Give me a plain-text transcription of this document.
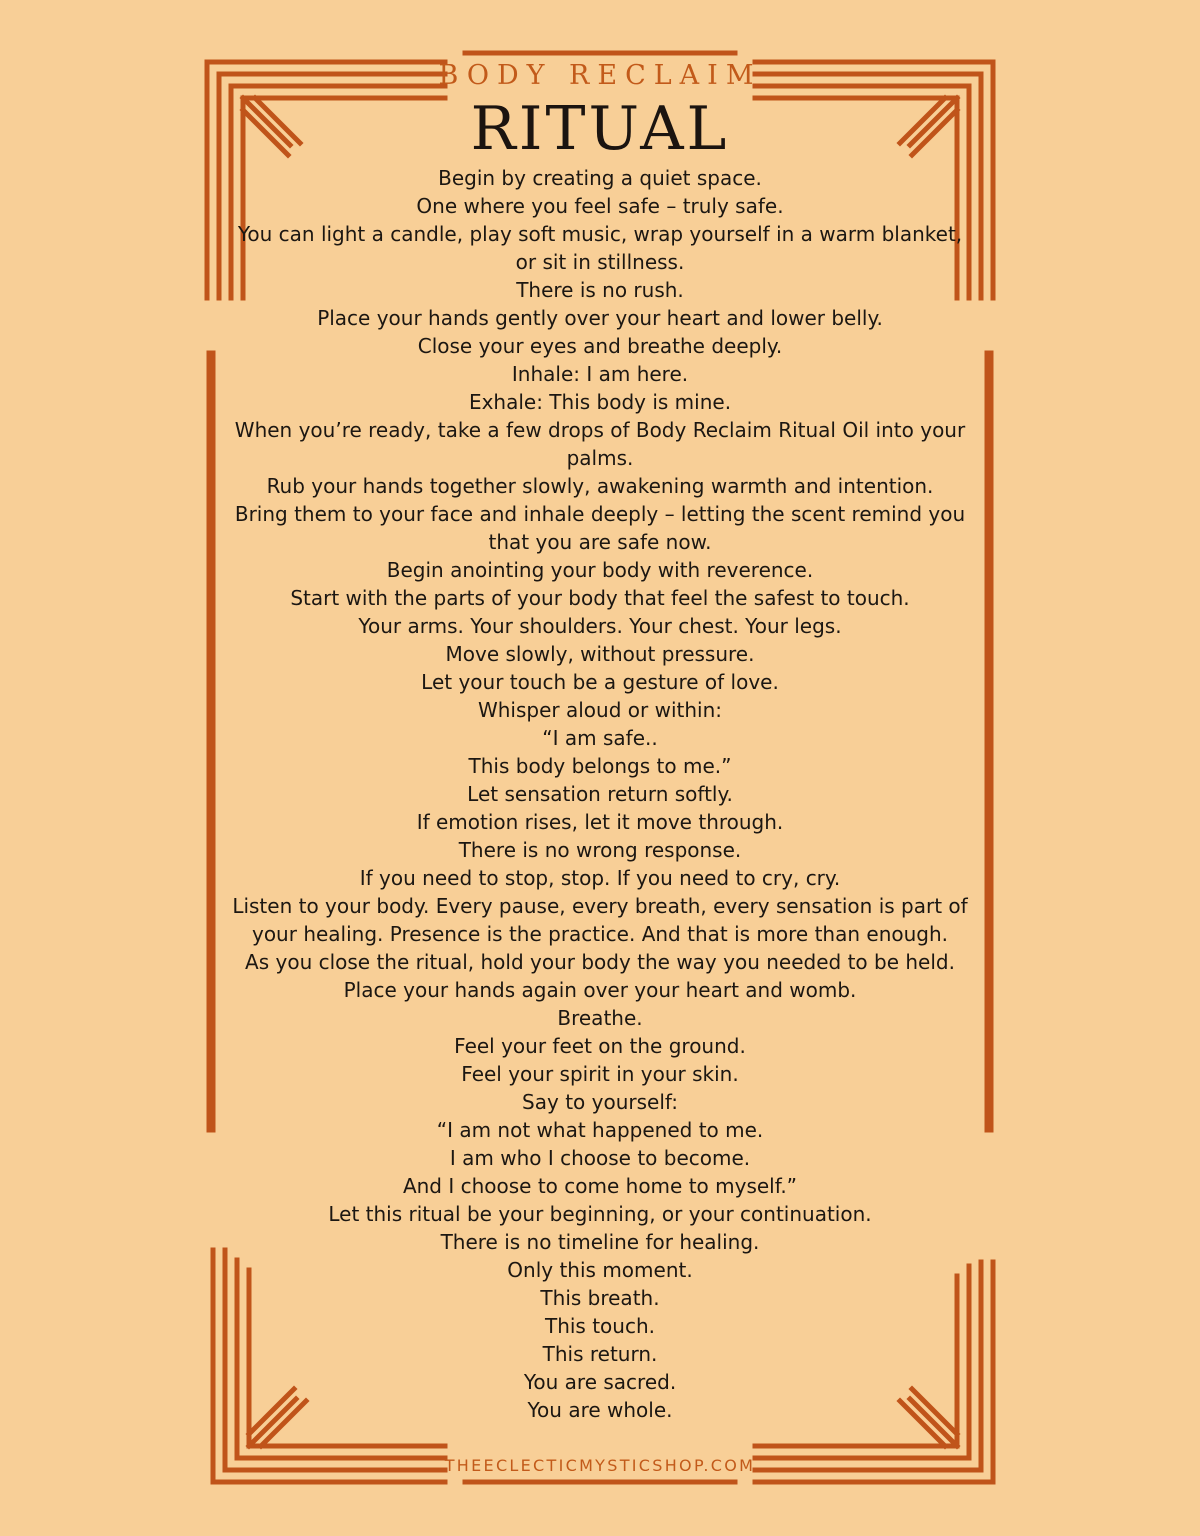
BODY RECLAIM
RITUAL
Begin by creating a quiet space.
One where you feel safe – truly safe.
You can light a candle, play soft music, wrap yourself in a warm blanket, or sit in stillness.
There is no rush.
Place your hands gently over your heart and lower belly.
Close your eyes and breathe deeply.
Inhale: I am here.
Exhale: This body is mine.
When you’re ready, take a few drops of Body Reclaim Ritual Oil into your palms.
Rub your hands together slowly, awakening warmth and intention.
Bring them to your face and inhale deeply – letting the scent remind you that you are safe now.
Begin anointing your body with reverence.
Start with the parts of your body that feel the safest to touch.
Your arms. Your shoulders. Your chest. Your legs.
Move slowly, without pressure.
Let your touch be a gesture of love.
Whisper aloud or within:
“I am safe..
This body belongs to me.”
Let sensation return softly.
If emotion rises, let it move through.
There is no wrong response.
If you need to stop, stop. If you need to cry, cry.
Listen to your body. Every pause, every breath, every sensation is part of your healing. Presence is the practice. And that is more than enough.
As you close the ritual, hold your body the way you needed to be held.
Place your hands again over your heart and womb.
Breathe.
Feel your feet on the ground.
Feel your spirit in your skin.
Say to yourself:
“I am not what happened to me.
I am who I choose to become.
And I choose to come home to myself.”
Let this ritual be your beginning, or your continuation.
There is no timeline for healing.
Only this moment.
This breath.
This touch.
This return.
You are sacred.
You are whole.
THEECLECTICMYSTICSHOP.COM
